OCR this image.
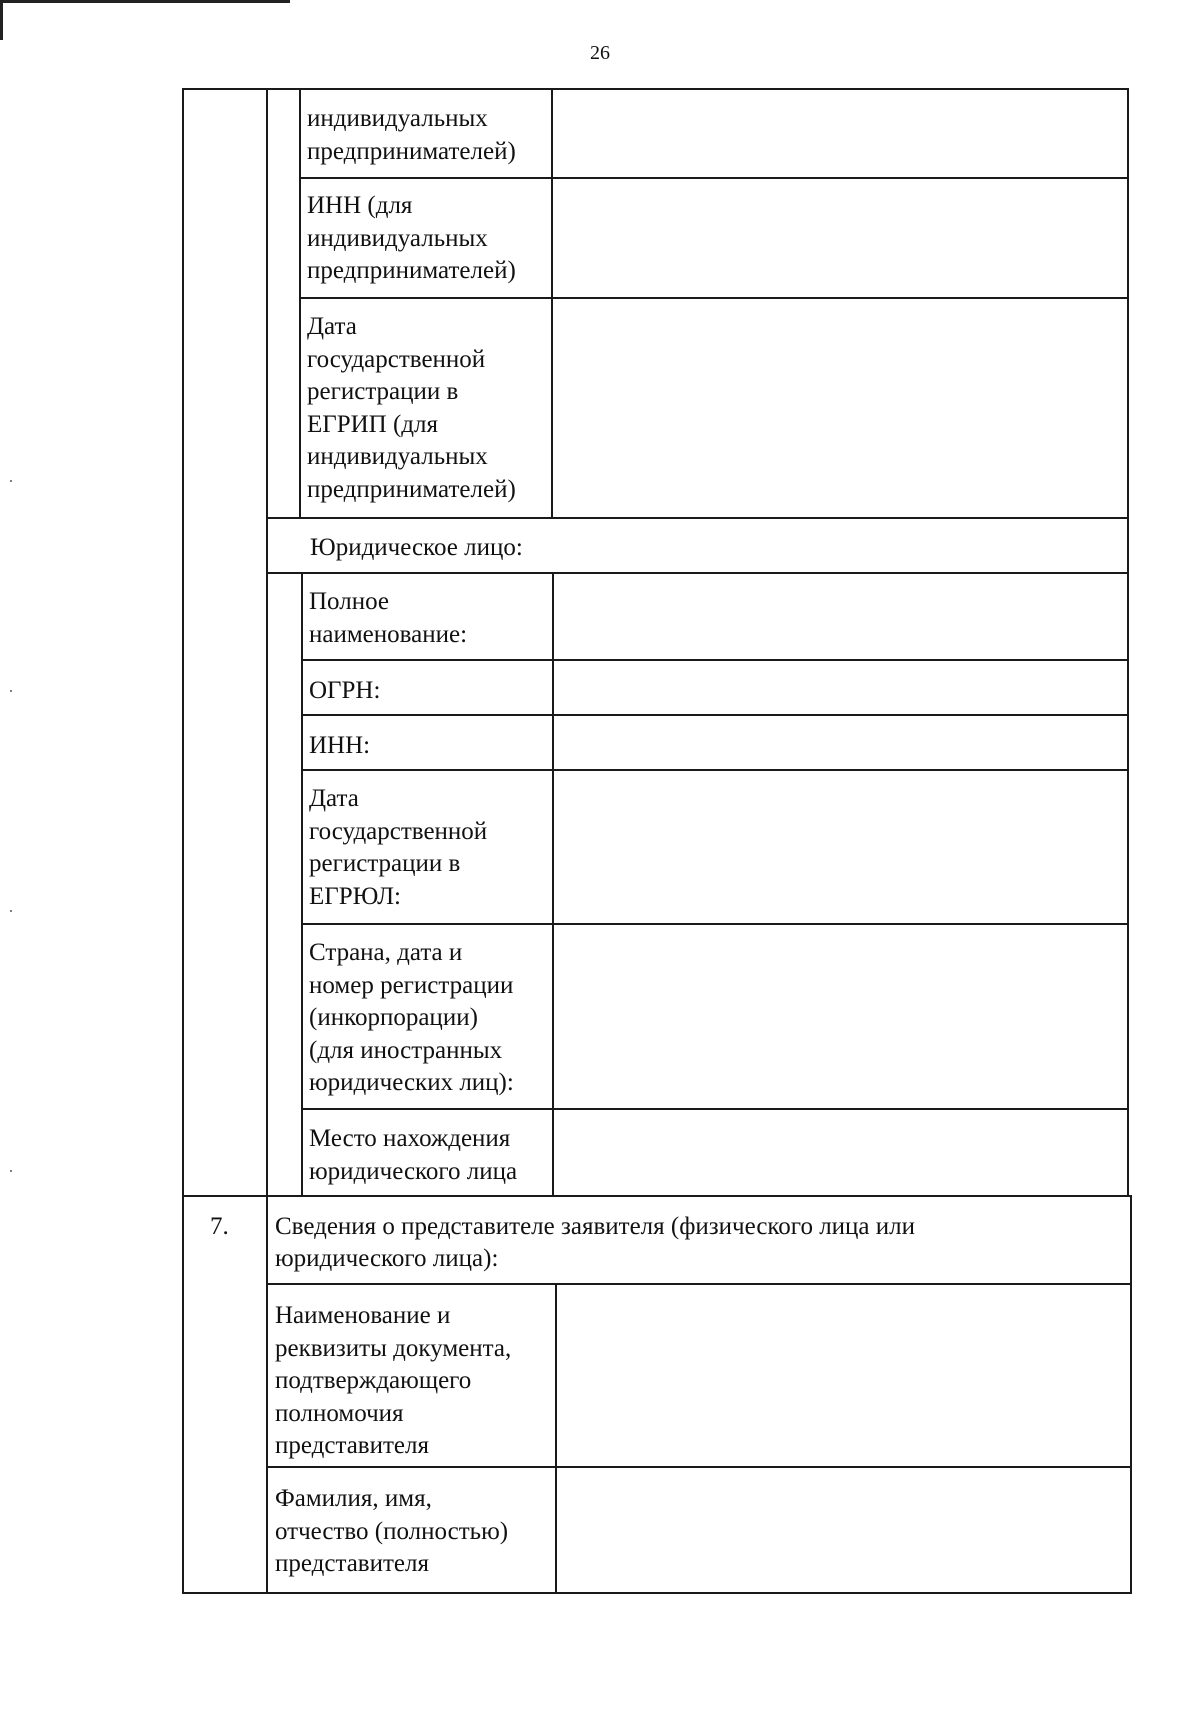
26

индивидуальных
предпринимателей)

ИНН (для
индивидуальных
предпринимателей)

Дата
государственной
регистрации в
ЕГРИП (для
индивидуальных
предпринимателей)

Юридическое лицо:

Полное
наименование:

ОГРН:

ИНН:

Дата
государственной
регистрации в
ЕГРЮЛ:

Страна, дата и
номер регистрации
(инкорпорации)
(для иностранных
юридических лиц):

Место нахождения
юридического лица

7. Сведения о представителе заявителя (физического лица или
юридического лица):

Наименование и
реквизиты документа,
подтверждающего
полномочия
представителя

Фамилия, имя,
отчество (полностью)
представителя
